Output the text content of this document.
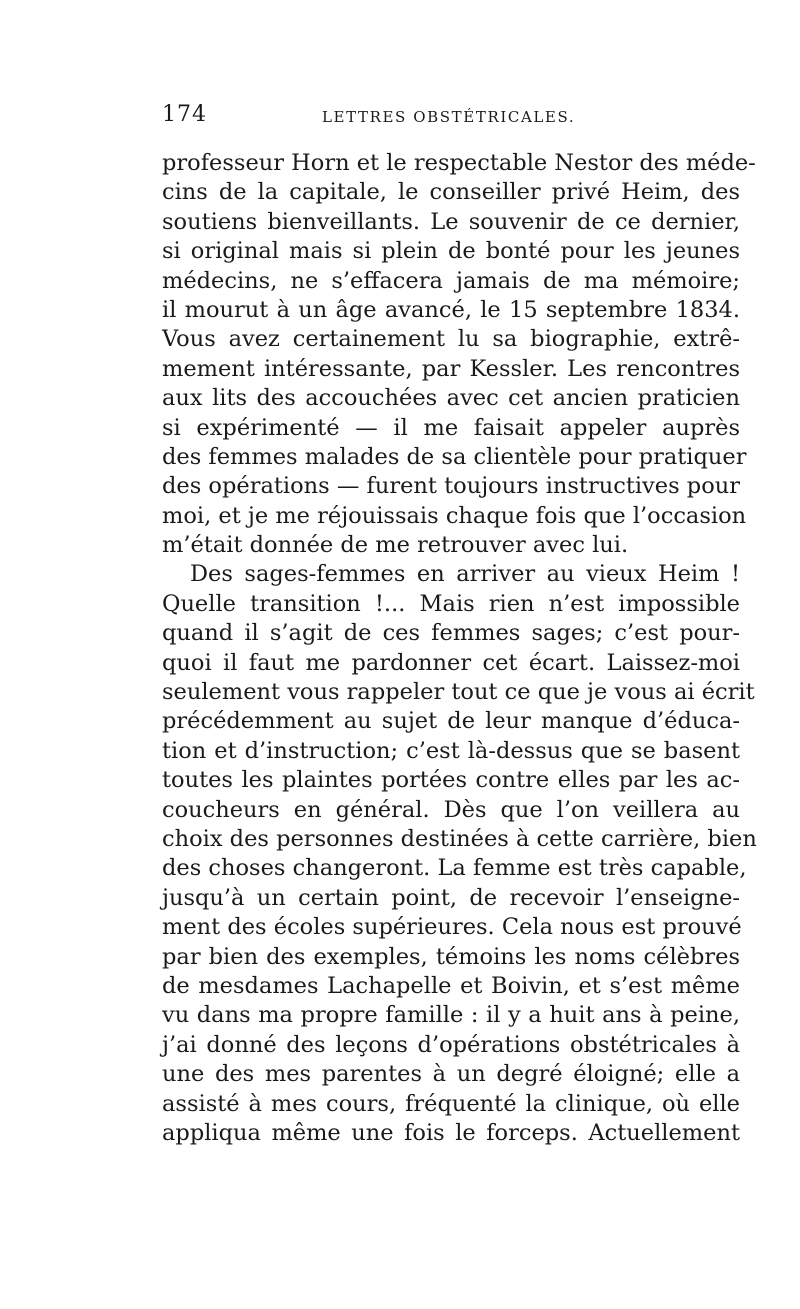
174	LETTRES OBSTÉTRICALES.
professeur Horn et le respectable Nestor des méde-
cins de la capitale, le conseiller privé Heim, des
soutiens bienveillants. Le souvenir de ce dernier,
si original mais si plein de bonté pour les jeunes
médecins, ne s’effacera jamais de ma mémoire;
il mourut à un âge avancé, le 15 septembre 1834.
Vous avez certainement lu sa biographie, extrê-
mement intéressante, par Kessler. Les rencontres
aux lits des accouchées avec cet ancien praticien
si expérimenté — il me faisait appeler auprès
des femmes malades de sa clientèle pour pratiquer
des opérations — furent toujours instructives pour
moi, et je me réjouissais chaque fois que l’occasion
m’était donnée de me retrouver avec lui.
Des sages-femmes en arriver au vieux Heim !
Quelle transition !... Mais rien n’est impossible
quand il s’agit de ces femmes sages; c’est pour-
quoi il faut me pardonner cet écart. Laissez-moi
seulement vous rappeler tout ce que je vous ai écrit
précédemment au sujet de leur manque d’éduca-
tion et d’instruction; c’est là-dessus que se basent
toutes les plaintes portées contre elles par les ac-
coucheurs en général. Dès que l’on veillera au
choix des personnes destinées à cette carrière, bien
des choses changeront. La femme est très capable,
jusqu’à un certain point, de recevoir l’enseigne-
ment des écoles supérieures. Cela nous est prouvé
par bien des exemples, témoins les noms célèbres
de mesdames Lachapelle et Boivin, et s’est même
vu dans ma propre famille : il y a huit ans à peine,
j’ai donné des leçons d’opérations obstétricales à
une des mes parentes à un degré éloigné; elle a
assisté à mes cours, fréquenté la clinique, où elle
appliqua même une fois le forceps. Actuellement
